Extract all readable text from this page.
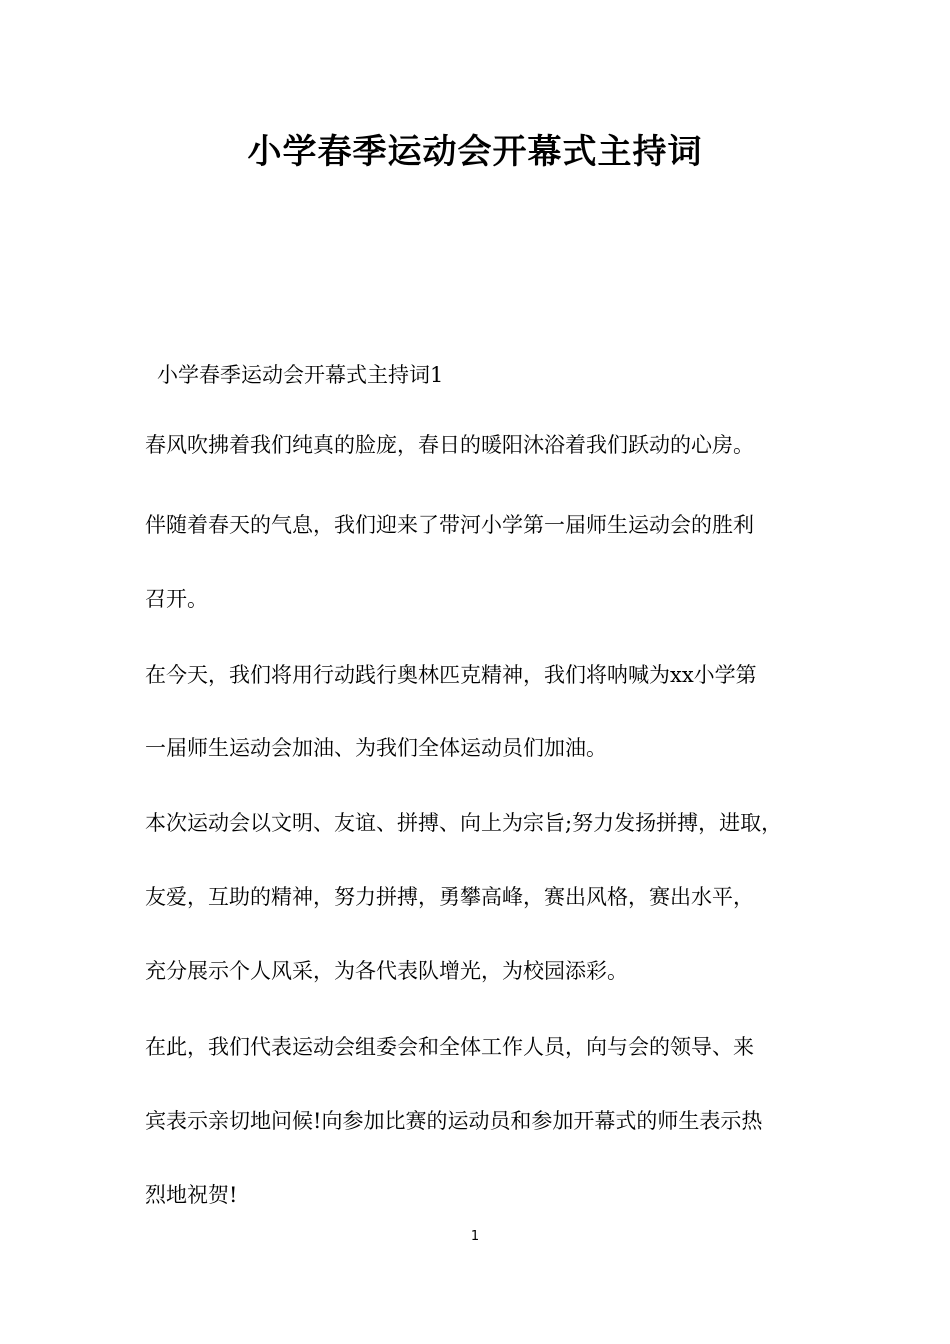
小学春季运动会开幕式主持词
小学春季运动会开幕式主持词1
春风吹拂着我们纯真的脸庞，春日的暖阳沐浴着我们跃动的心房。
伴随着春天的气息，我们迎来了带河小学第一届师生运动会的胜利
召开。
在今天，我们将用行动践行奥林匹克精神，我们将呐喊为xx小学第
一届师生运动会加油、为我们全体运动员们加油。
本次运动会以文明、友谊、拼搏、向上为宗旨;努力发扬拼搏，进取，
友爱，互助的精神，努力拼搏，勇攀高峰，赛出风格，赛出水平，
充分展示个人风采，为各代表队增光，为校园添彩。
在此，我们代表运动会组委会和全体工作人员，向与会的领导、来
宾表示亲切地问候!向参加比赛的运动员和参加开幕式的师生表示热
烈地祝贺!
1
